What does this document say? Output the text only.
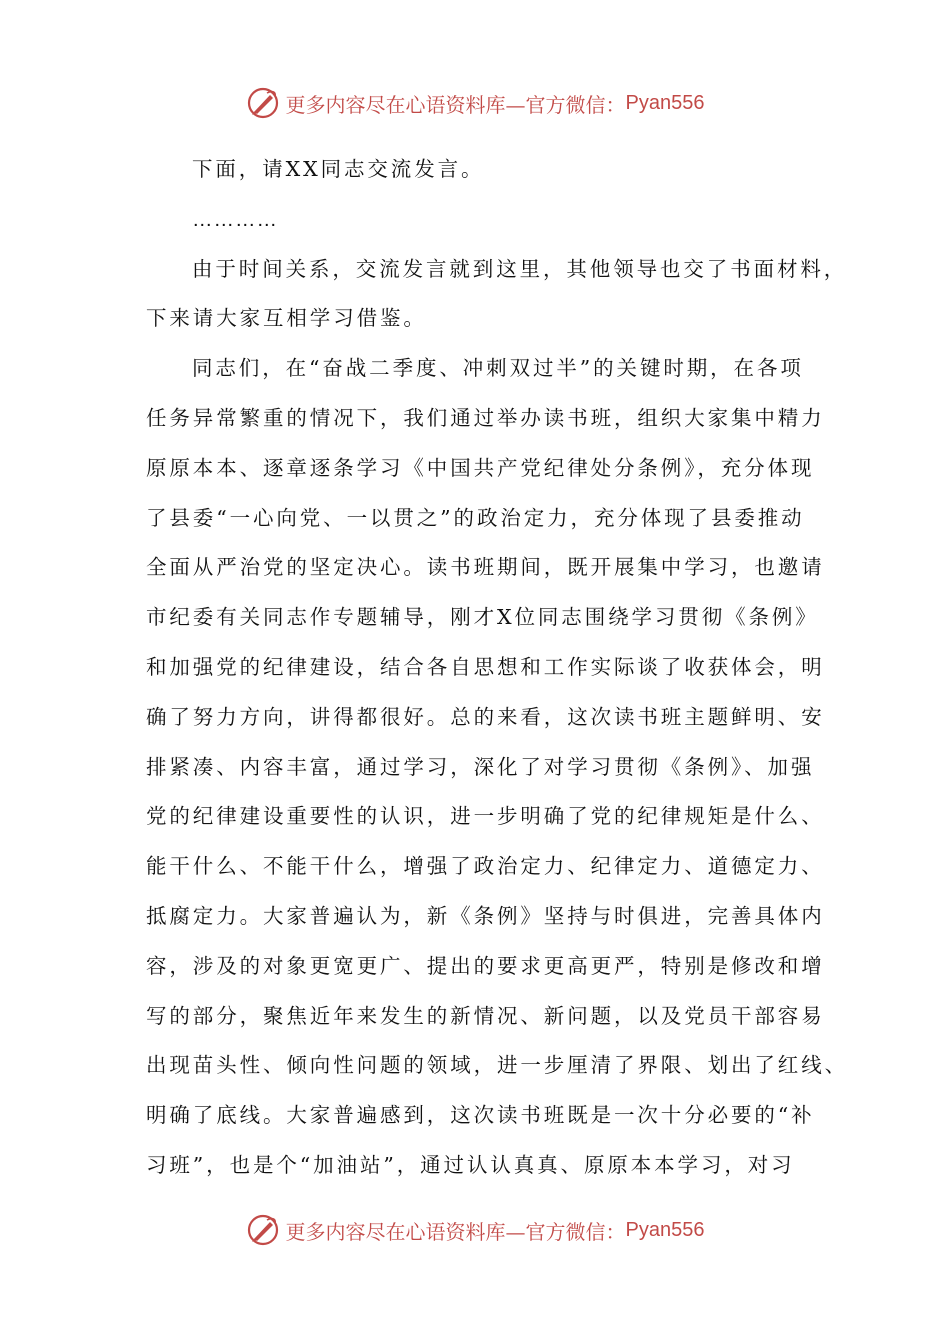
更多内容尽在心语资料库—官方微信： Pyan556
下面，请XX同志交流发言。
…………
由于时间关系，交流发言就到这里，其他领导也交了书面材料，
下来请大家互相学习借鉴。
同志们，在“奋战二季度、冲刺双过半”的关键时期，在各项
任务异常繁重的情况下，我们通过举办读书班，组织大家集中精力
原原本本、逐章逐条学习《中国共产党纪律处分条例》，充分体现
了县委“一心向党、一以贯之”的政治定力，充分体现了县委推动
全面从严治党的坚定决心。读书班期间，既开展集中学习，也邀请
市纪委有关同志作专题辅导，刚才X位同志围绕学习贯彻《条例》
和加强党的纪律建设，结合各自思想和工作实际谈了收获体会，明
确了努力方向，讲得都很好。总的来看，这次读书班主题鲜明、安
排紧凑、内容丰富，通过学习，深化了对学习贯彻《条例》、加强
党的纪律建设重要性的认识，进一步明确了党的纪律规矩是什么、
能干什么、不能干什么，增强了政治定力、纪律定力、道德定力、
抵腐定力。大家普遍认为，新《条例》坚持与时俱进，完善具体内
容，涉及的对象更宽更广、提出的要求更高更严，特别是修改和增
写的部分，聚焦近年来发生的新情况、新问题，以及党员干部容易
出现苗头性、倾向性问题的领域，进一步厘清了界限、划出了红线、
明确了底线。大家普遍感到，这次读书班既是一次十分必要的“补
习班”，也是个“加油站”，通过认认真真、原原本本学习，对习
更多内容尽在心语资料库—官方微信： Pyan556
